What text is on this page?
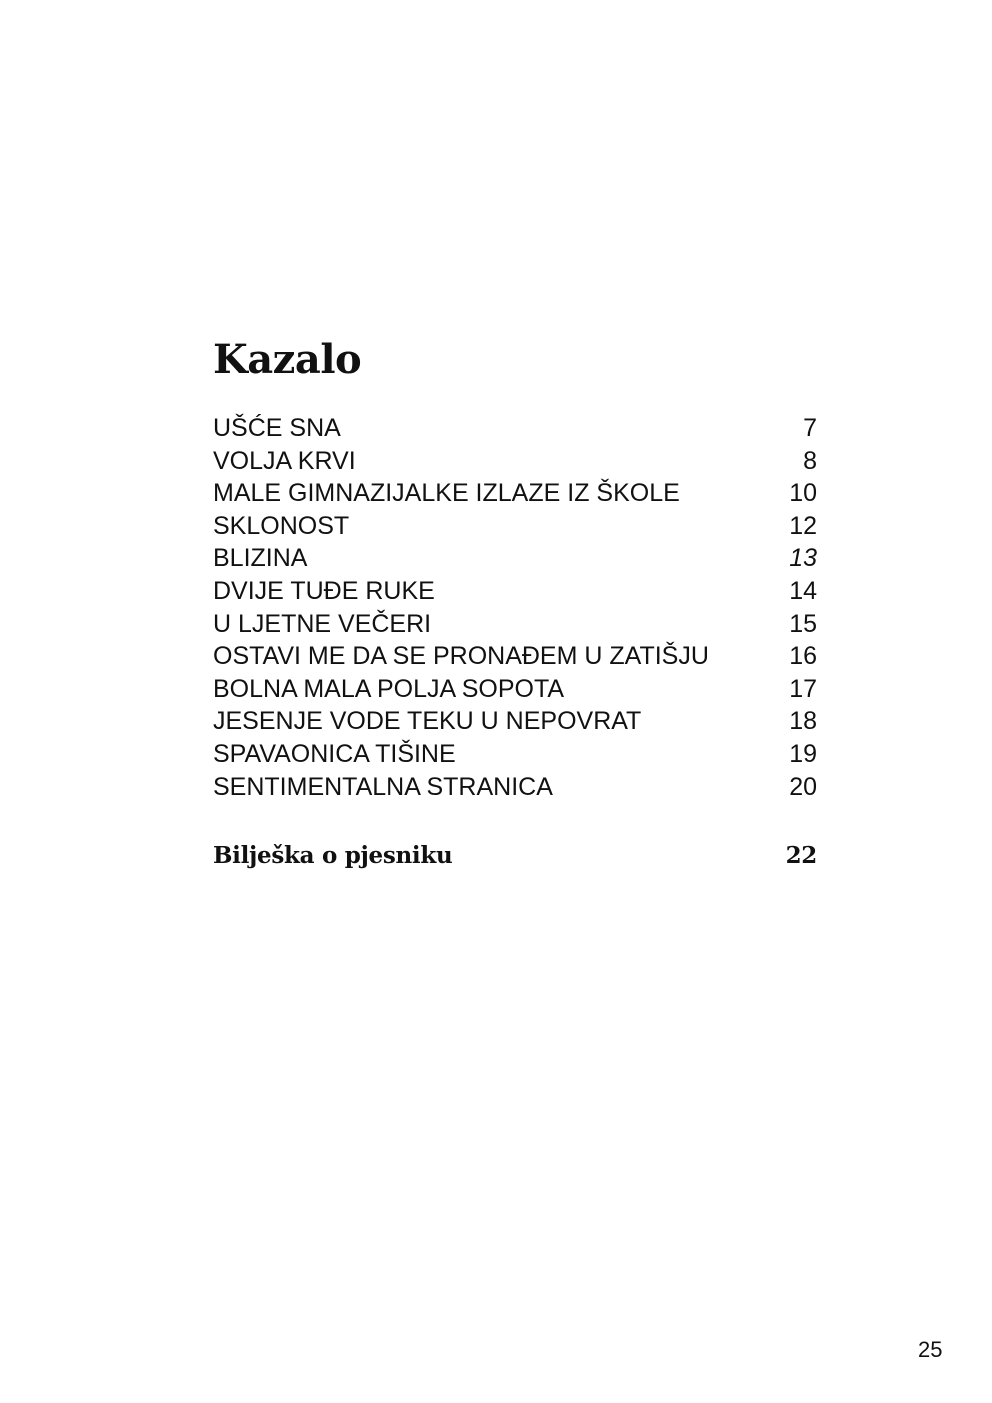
Kazalo
UŠĆE SNA	7
VOLJA KRVI	8
MALE GIMNAZIJALKE IZLAZE IZ ŠKOLE	10
SKLONOST	12
BLIZINA	13
DVIJE TUĐE RUKE	14
U LJETNE VEČERI	15
OSTAVI ME DA SE PRONAĐEM U ZATIŠJU	16
BOLNA MALA POLJA SOPOTA	17
JESENJE VODE TEKU U NEPOVRAT	18
SPAVAONICA TIŠINE	19
SENTIMENTALNA STRANICA	20
Bilješka o pjesniku	22
25
